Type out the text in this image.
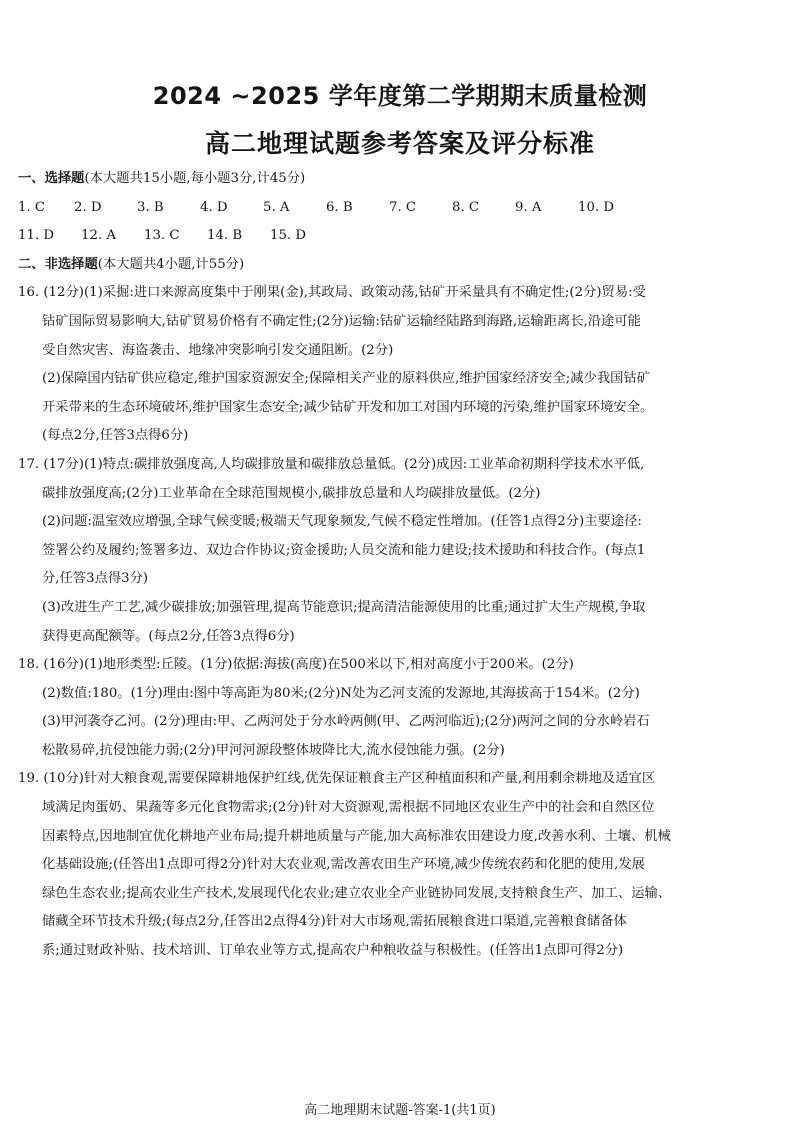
2024 ~2025 学年度第二学期期末质量检测
高二地理试题参考答案及评分标准
一、选择题(本大题共15小题,每小题3分,计45分)
1. C 2. D	3. B	4. D	5. A	6. B	7. C	8. C	9. A	10. D
11. D 12. A 13. C 14. B 15. D
二、非选择题(本大题共4小题,计55分)
16. (12分)(1)采掘:进口来源高度集中于刚果(金),其政局、政策动荡,钴矿开采量具有不确定性;(2分)贸易:受
钴矿国际贸易影响大,钴矿贸易价格有不确定性;(2分)运输:钴矿运输经陆路到海路,运输距离长,沿途可能
受自然灾害、海盗袭击、地缘冲突影响引发交通阻断。(2分)
(2)保障国内钴矿供应稳定,维护国家资源安全;保障相关产业的原料供应,维护国家经济安全;减少我国钴矿
开采带来的生态环境破坏,维护国家生态安全;减少钴矿开发和加工对国内环境的污染,维护国家环境安全。
(每点2分,任答3点得6分)
17. (17分)(1)特点:碳排放强度高,人均碳排放量和碳排放总量低。(2分)成因:工业革命初期科学技术水平低,
碳排放强度高;(2分)工业革命在全球范围规模小,碳排放总量和人均碳排放量低。(2分)
(2)问题:温室效应增强,全球气候变暖;极端天气现象频发,气候不稳定性增加。(任答1点得2分)主要途径:
签署公约及履约;签署多边、双边合作协议;资金援助;人员交流和能力建设;技术援助和科技合作。(每点1
分,任答3点得3分)
(3)改进生产工艺,减少碳排放;加强管理,提高节能意识;提高清洁能源使用的比重;通过扩大生产规模,争取
获得更高配额等。(每点2分,任答3点得6分)
18. (16分)(1)地形类型:丘陵。(1分)依据:海拔(高度)在500米以下,相对高度小于200米。(2分)
(2)数值:180。(1分)理由:图中等高距为80米;(2分)N处为乙河支流的发源地,其海拔高于154米。(2分)
(3)甲河袭夺乙河。(2分)理由:甲、乙两河处于分水岭两侧(甲、乙两河临近);(2分)两河之间的分水岭岩石
松散易碎,抗侵蚀能力弱;(2分)甲河河源段整体坡降比大,流水侵蚀能力强。(2分)
19. (10分)针对大粮食观,需要保障耕地保护红线,优先保证粮食主产区种植面积和产量,利用剩余耕地及适宜区
域满足肉蛋奶、果蔬等多元化食物需求;(2分)针对大资源观,需根据不同地区农业生产中的社会和自然区位
因素特点,因地制宜优化耕地产业布局;提升耕地质量与产能,加大高标准农田建设力度,改善水利、土壤、机械
化基础设施;(任答出1点即可得2分)针对大农业观,需改善农田生产环境,减少传统农药和化肥的使用,发展
绿色生态农业;提高农业生产技术,发展现代化农业;建立农业全产业链协同发展,支持粮食生产、加工、运输、
储藏全环节技术升级;(每点2分,任答出2点得4分)针对大市场观,需拓展粮食进口渠道,完善粮食储备体
系;通过财政补贴、技术培训、订单农业等方式,提高农户种粮收益与积极性。(任答出1点即可得2分)
高二地理期末试题-答案-1(共1页)
